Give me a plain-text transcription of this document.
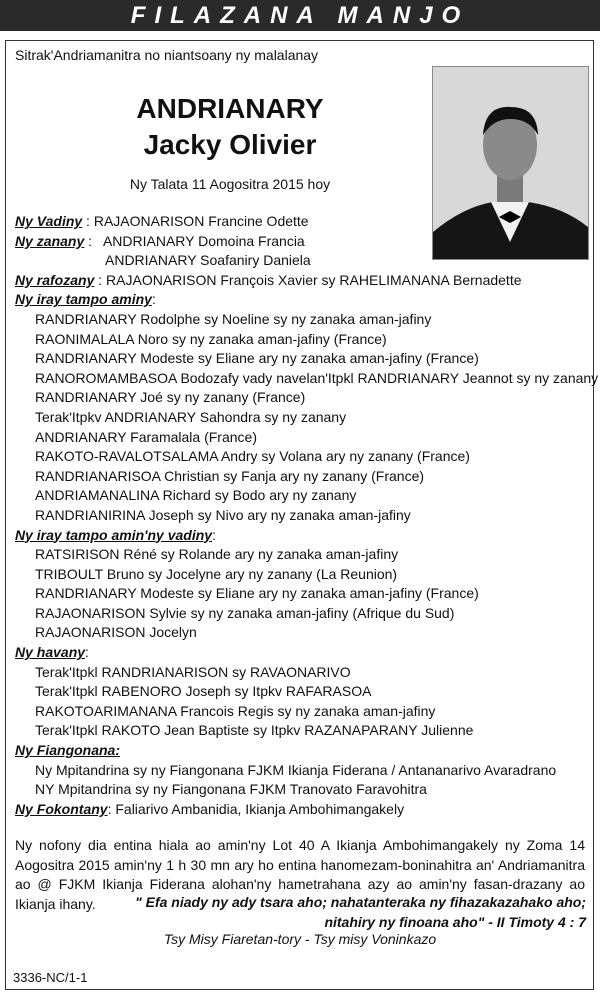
FILAZANA MANJO
Sitrak'Andriamanitra no niantsoany ny malalanay
ANDRIANARY
Jacky Olivier
Ny Talata 11 Aogositra 2015 hoy
Ny Vadiny : RAJAONARISON Francine Odette
Ny zanany :   ANDRIANARY Domoina Francia
ANDRIANARY Soafaniry Daniela
Ny rafozany : RAJAONARISON François Xavier sy RAHELIMANANA Bernadette
Ny iray tampo aminy:
RANDRIANARY Rodolphe sy Noeline sy ny zanaka aman-jafiny
RAONIMALALA Noro sy ny zanaka aman-jafiny (France)
RANDRIANARY Modeste sy Eliane ary ny zanaka aman-jafiny (France)
RANOROMAMBASOA Bodozafy vady navelan'Itpkl RANDRIANARY Jeannot sy ny zanany
RANDRIANARY Joé sy ny zanany (France)
Terak'Itpkv ANDRIANARY Sahondra sy ny zanany
ANDRIANARY Faramalala (France)
RAKOTO-RAVALOTSALAMA Andry sy Volana ary ny zanany (France)
RANDRIANARISOA Christian sy Fanja ary ny zanany (France)
ANDRIAMANALINA Richard sy Bodo ary ny zanany
RANDRIANIRINA Joseph sy Nivo ary ny zanaka aman-jafiny
Ny iray tampo amin'ny vadiny:
RATSIRISON Réné sy Rolande ary ny zanaka aman-jafiny
TRIBOULT Bruno sy Jocelyne ary ny zanany (La Reunion)
RANDRIANARY Modeste sy Eliane ary ny zanaka aman-jafiny (France)
RAJAONARISON Sylvie sy ny zanaka aman-jafiny (Afrique du Sud)
RAJAONARISON Jocelyn
Ny havany:
Terak'Itpkl RANDRIANARISON sy RAVAONARIVO
Terak'Itpkl RABENORO Joseph sy Itpkv RAFARASOA
RAKOTOARIMANANA Francois Regis sy ny zanaka aman-jafiny
Terak'Itpkl RAKOTO Jean Baptiste sy Itpkv RAZANAPARANY Julienne
Ny Fiangonana:
Ny Mpitandrina sy ny Fiangonana FJKM Ikianja Fiderana / Antananarivo Avaradrano
NY Mpitandrina sy ny Fiangonana FJKM Tranovato Faravohitra
Ny Fokontany: Faliarivo Ambanidia, Ikianja Ambohimangakely
Ny nofony dia entina hiala ao amin'ny Lot 40 A Ikianja Ambohimangakely ny Zoma 14 Aogositra 2015 amin'ny 1 h 30 mn ary ho entina hanomezam-boninahitra an' Andriamanitra ao @ FJKM Ikianja Fiderana alohan'ny hametrahana azy ao amin'ny fasan-drazany ao Ikianja ihany.	" Efa niady ny ady tsara aho; nahatanteraka ny fihazakazahako aho;
nitahiry ny finoana aho" - II Timoty 4 : 7
Tsy Misy Fiaretan-tory - Tsy misy Voninkazo
3336-NC/1-1
